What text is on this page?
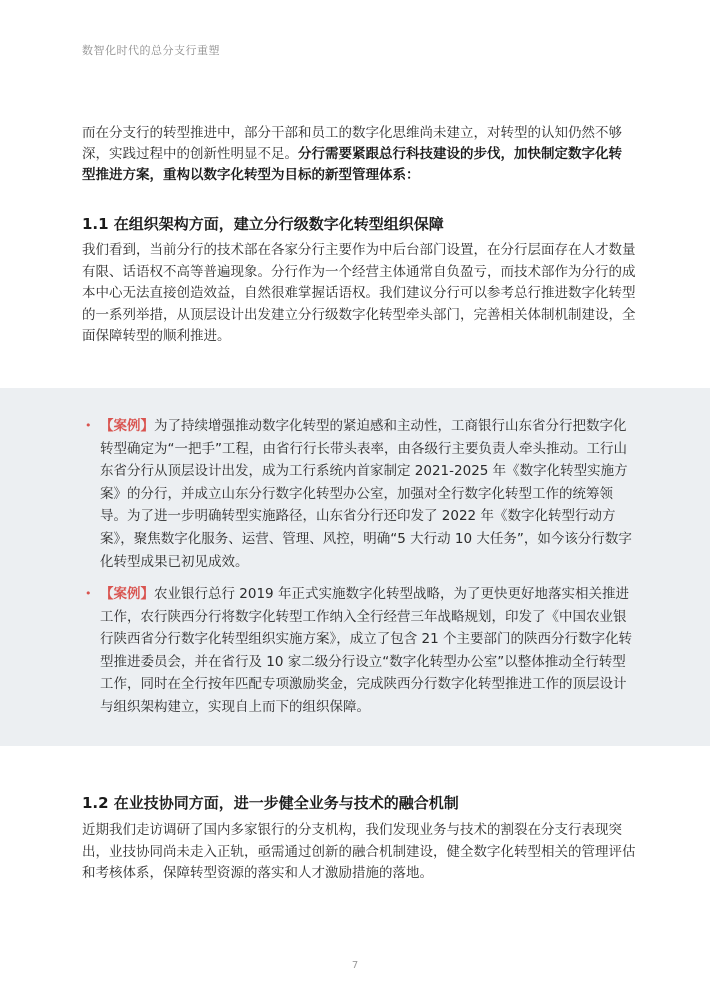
数智化时代的总分支行重塑
而在分支行的转型推进中，部分干部和员工的数字化思维尚未建立，对转型的认知仍然不够深，实践过程中的创新性明显不足。分行需要紧跟总行科技建设的步伐，加快制定数字化转型推进方案，重构以数字化转型为目标的新型管理体系：
1.1 在组织架构方面，建立分行级数字化转型组织保障

我们看到，当前分行的技术部在各家分行主要作为中后台部门设置，在分行层面存在人才数量有限、话语权不高等普遍现象。分行作为一个经营主体通常自负盈亏，而技术部作为分行的成本中心无法直接创造效益，自然很难掌握话语权。我们建议分行可以参考总行推进数字化转型的一系列举措，从顶层设计出发建立分行级数字化转型牵头部门，完善相关体制机制建设，全面保障转型的顺利推进。

• 【案例】为了持续增强推动数字化转型的紧迫感和主动性，工商银行山东省分行把数字化转型确定为“一把手”工程，由省行行长带头表率，由各级行主要负责人牵头推动。工行山东省分行从顶层设计出发，成为工行系统内首家制定 2021-2025 年《数字化转型实施方案》的分行，并成立山东分行数字化转型办公室，加强对全行数字化转型工作的统筹领导。为了进一步明确转型实施路径，山东省分行还印发了 2022 年《数字化转型行动方案》，聚焦数字化服务、运营、管理、风控，明确“5 大行动 10 大任务”，如今该分行数字化转型成果已初见成效。
• 【案例】农业银行总行 2019 年正式实施数字化转型战略，为了更快更好地落实相关推进工作，农行陕西分行将数字化转型工作纳入全行经营三年战略规划，印发了《中国农业银行陕西省分行数字化转型组织实施方案》，成立了包含 21 个主要部门的陕西分行数字化转型推进委员会，并在省行及 10 家二级分行设立“数字化转型办公室”以整体推动全行转型工作，同时在全行按年匹配专项激励奖金，完成陕西分行数字化转型推进工作的顶层设计与组织架构建立，实现自上而下的组织保障。
1.2 在业技协同方面，进一步健全业务与技术的融合机制

近期我们走访调研了国内多家银行的分支机构，我们发现业务与技术的割裂在分支行表现突出，业技协同尚未走入正轨，亟需通过创新的融合机制建设，健全数字化转型相关的管理评估和考核体系，保障转型资源的落实和人才激励措施的落地。

7
